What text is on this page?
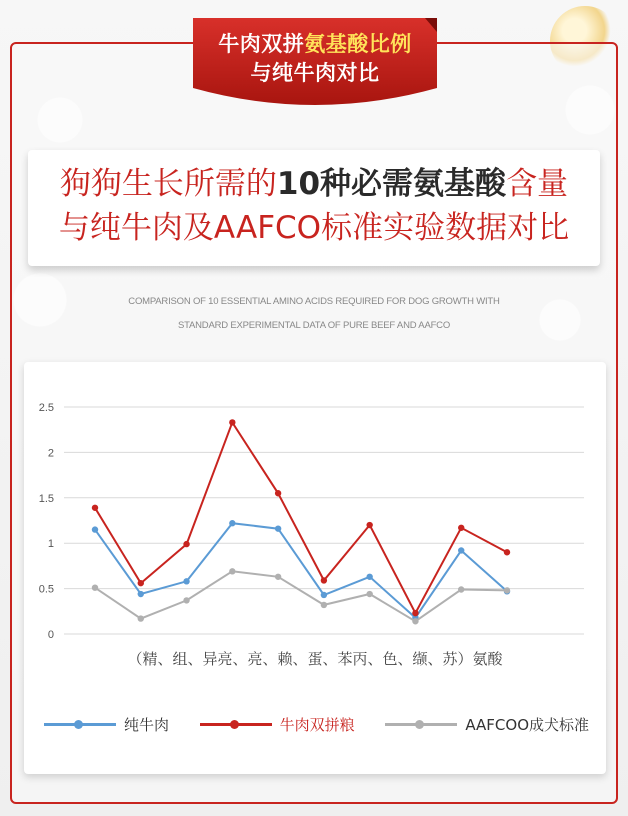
牛肉双拼氨基酸比例
与纯牛肉对比
狗狗生长所需的10种必需氨基酸含量
与纯牛肉及AAFCO标准实验数据对比
COMPARISON OF 10 ESSENTIAL AMINO ACIDS REQUIRED FOR DOG GROWTH WITH
STANDARD EXPERIMENTAL DATA OF PURE BEEF AND AAFCO
0
0.5
1
1.5
2
2.5
（精、组、异亮、亮、赖、蛋、苯丙、色、缬、苏）氨酸
纯牛肉	牛肉双拼粮	AAFCOO成犬标准
